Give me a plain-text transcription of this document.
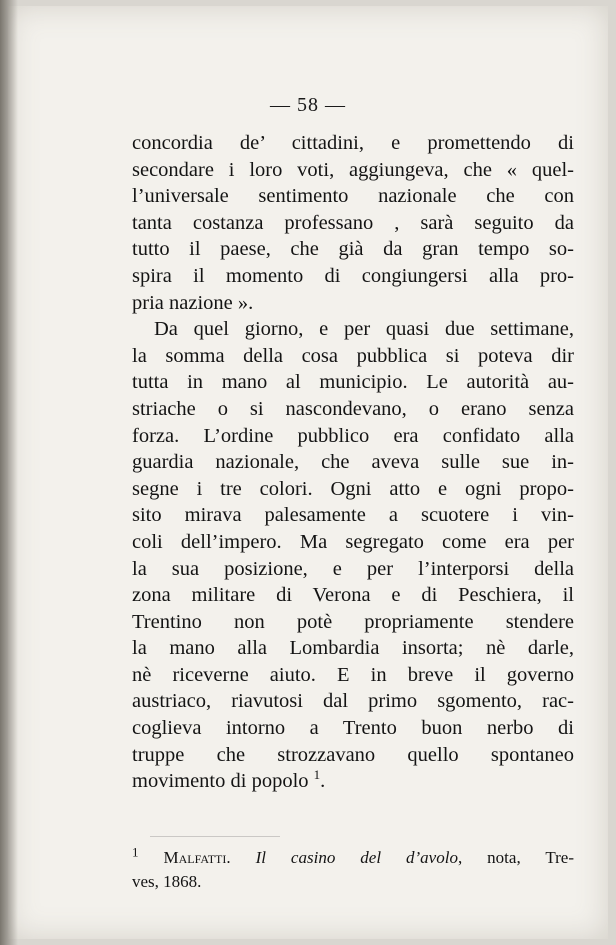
— 58 —
concordia de’ cittadini, e promettendo di
secondare i loro voti, aggiungeva, che « quel-
l’universale sentimento nazionale che con
tanta costanza professano , sarà seguito da
tutto il paese, che già da gran tempo so-
spira il momento di congiungersi alla pro-
pria nazione ».
Da quel giorno, e per quasi due settimane,
la somma della cosa pubblica si poteva dir
tutta in mano al municipio. Le autorità au-
striache o si nascondevano, o erano senza
forza. L’ordine pubblico era confidato alla
guardia nazionale, che aveva sulle sue in-
segne i tre colori. Ogni atto e ogni propo-
sito mirava palesamente a scuotere i vin-
coli dell’impero. Ma segregato come era per
la sua posizione, e per l’interporsi della
zona militare di Verona e di Peschiera, il
Trentino non potè propriamente stendere
la mano alla Lombardia insorta; nè darle,
nè riceverne aiuto. E in breve il governo
austriaco, riavutosi dal primo sgomento, rac-
coglieva intorno a Trento buon nerbo di
truppe che strozzavano quello spontaneo
movimento di popolo $^1$.
$^1$ Malfatti. Il casino del d’avolo, nota, Tre-
ves, 1868.
